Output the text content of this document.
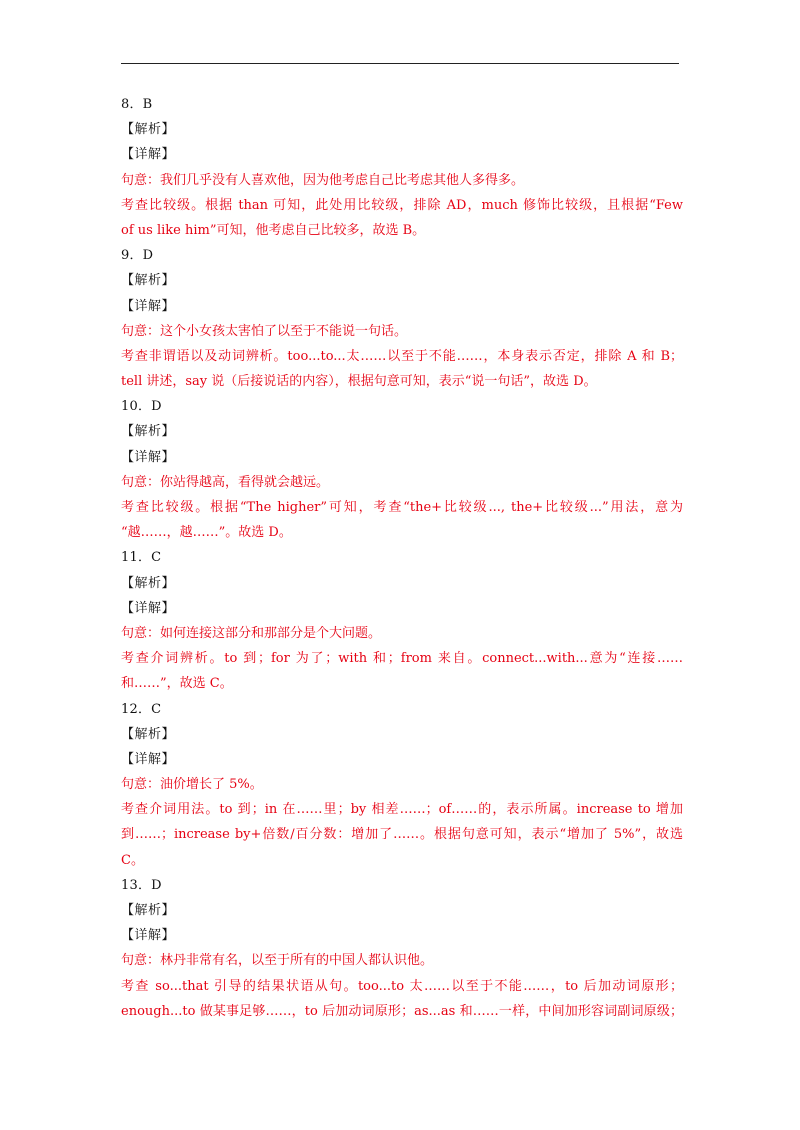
8．B
【解析】
【详解】
句意：我们几乎没有人喜欢他，因为他考虑自己比考虑其他人多得多。
考查比较级。根据 than 可知，此处用比较级，排除 AD，much 修饰比较级，且根据“Few
of us like him”可知，他考虑自己比较多，故选 B。
9．D
【解析】
【详解】
句意：这个小女孩太害怕了以至于不能说一句话。
考查非谓语以及动词辨析。too...to...太……以至于不能……，本身表示否定，排除 A 和 B；
tell 讲述，say 说（后接说话的内容），根据句意可知，表示“说一句话”，故选 D。
10．D
【解析】
【详解】
句意：你站得越高，看得就会越远。
考查比较级。根据“The higher”可知，考查“the+比较级..., the+比较级...”用法，意为
“越……，越……”。故选 D。
11．C
【解析】
【详解】
句意：如何连接这部分和那部分是个大问题。
考查介词辨析。to 到；for 为了；with 和；from 来自。connect...with...意为“连接……
和……”，故选 C。
12．C
【解析】
【详解】
句意：油价增长了 5%。
考查介词用法。to 到；in 在……里；by 相差……；of……的，表示所属。increase to 增加
到……；increase by+倍数/百分数：增加了……。根据句意可知，表示“增加了 5%”，故选
C。
13．D
【解析】
【详解】
句意：林丹非常有名，以至于所有的中国人都认识他。
考查 so...that 引导的结果状语从句。too...to 太……以至于不能……，to 后加动词原形；
enough...to 做某事足够……，to 后加动词原形；as...as 和……一样，中间加形容词副词原级；
